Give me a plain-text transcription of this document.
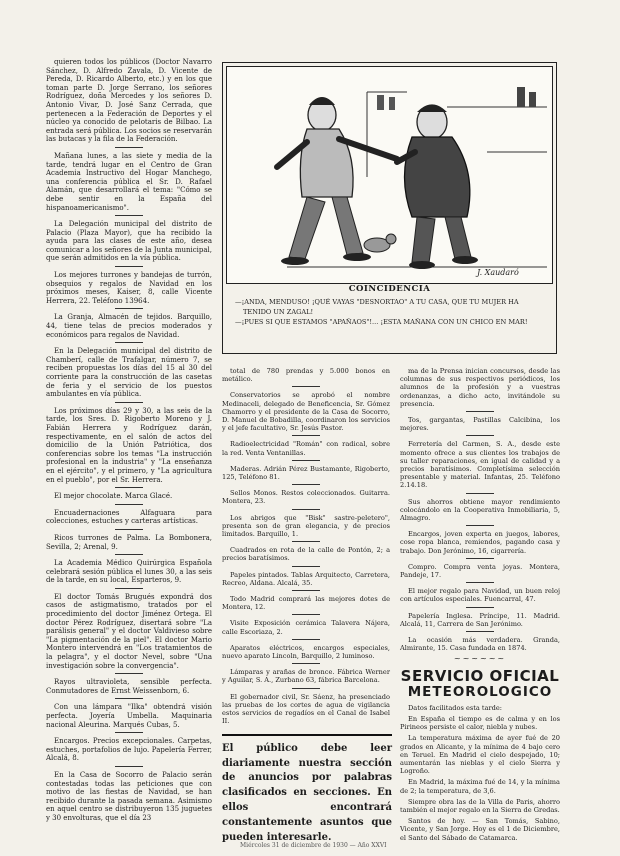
quieren todos los públicos (Doctor Navarro Sánchez, D. Alfredo Zavala, D. Vicente de Pereda, D. Ricardo Alberto, etc.) y en los que toman parte D. Jorge Serrano, los señores Rodríguez, doña Mercedes y los señores D. Antonio Vivar, D. José Sanz Cerrada, que pertenecen a la Federación de Deportes y el núcleo ya conocido de pelotaris de Bilbao. La entrada será pública. Los socios se reservarán las butacas y la fila de la Federación.

Mañana lunes, a las siete y media de la tarde, tendrá lugar en el Centro de Gran Academia Instructivo del Hogar Manchego, una conferencia pública el Sr. D. Rafael Alamán, que desarrollará el tema: "Cómo se debe sentir en la España del hispanoamericanismo".

La Delegación municipal del distrito de Palacio (Plaza Mayor), que ha recibido la ayuda para las clases de este año, desea comunicar a los señores de la Junta municipal, que serán admitidos en la vía pública.

Los mejores turrones y bandejas de turrón, obsequios y regalos de Navidad en los próximos meses, Kaiser, 8, calle Vicente Herrera, 22. Teléfono 13964.

La Granja, Almacén de tejidos. Barquillo, 44, tiene telas de precios moderados y económicos para regalos de Navidad.

En la Delegación municipal del distrito de Chamberí, calle de Trafalgar, número 7, se reciben propuestas los días del 15 al 30 del corriente para la construcción de las casetas de feria y el servicio de los puestos ambulantes en vía pública.

Los próximos días 29 y 30, a las seis de la tarde, los Sres. D. Rigoberto Moreno y J. Fabián Herrera y Rodríguez darán, respectivamente, en el salón de actos del domicilio de la Unión Patriótica, dos conferencias sobre los temas "La instrucción profesional en la industria" y "La enseñanza en el ejército", y el primero, y "La agricultura en el pueblo", por el Sr. Herrera.

El mejor chocolate. Marca Glacé.

Encuadernaciones Alfaguara para colecciones, estuches y carteras artísticas.

Ricos turrones de Palma. La Bombonera, Sevilla, 2; Arenal, 9.

La Academia Médico Quirúrgica Española celebrará sesión pública el lunes 30, a las seis de la tarde, en su local, Esparteros, 9.

El doctor Tomás Brugués expondrá dos casos de astigmatismo, tratados por el procedimiento del doctor Jiménez Ortega. El doctor Pérez Rodríguez, disertará sobre "La parálisis general" y el doctor Valdivieso sobre "La pigmentación de la piel". El doctor Mario Montero intervendrá en "Los tratamientos de la pelagra", y el doctor Nevel, sobre "Una investigación sobre la convergencia".

Rayos ultravioleta, sensible perfecta. Conmutadores de Ernst Weissenborn, 6.

Con una lámpara "Ilka" obtendrá visión perfecta. Joyería Umbella. Maquinaria nacional Aleurina. Marqués Cubas, 5.

Encargos. Precios excepcionales. Carpetas, estuches, portafolios de lujo. Papelería Ferrer, Alcalá, 8.

En la Casa de Socorro de Palacio serán contestadas todas las peticiones que con motivo de las fiestas de Navidad, se han recibido durante la pasada semana. Asimismo en aquel centro se distribuyeron 135 juguetes y 30 envolturas, que el día 23

J. Xaudaró
COINCIDENCIA

—¡ANDA, MENDUSO! ¡QUÉ VAYAS "DESNORTAO" A TU CASA, QUE TU MUJER HA TENIDO UN ZAGAL!

—¡PUES SI QUE ESTAMOS "APAÑAOS"!... ¡ESTA MAÑANA CON UN CHICO EN MAR!

total de 780 prendas y 5.000 bonos en metálico.

Conservatorios se aprobó el nombre Medinaceli, delegado de Beneficencia, Sr. Gómez Chamorro y el presidente de la Casa de Socorro, D. Manuel de Bobadilla, coordinaron los servicios y el jefe facultativo, Sr. Jesús Pastor.

Radioelectricidad "Román" con radical, sobre la red. Venta Ventanillas.

Maderas. Adrián Pérez Bustamante, Rigoberto, 125, Teléfono 81.

Sellos Monos. Restos coleccionados. Guitarra. Montera, 23.

Los abrigos que "Bisk" sastre-peletero", presenta son de gran elegancia, y de precios limitados. Barquillo, 1.

Cuadrados en rota de la calle de Pontón, 2; a precios baratísimos.

Papeles pintados. Tablas Arquitecto, Carretera, Recreo, Aldana. Alcalá, 35.

Todo Madrid comprará las mejores dotes de Montera, 12.

Visite Exposición cerámica Talavera Nájera, calle Escoriaza, 2.

Aparatos eléctricos, encargos especiales, nuevo aparato Lincoln, Barquillo, 2 luminoso.

Lámparas y arañas de bronce. Fábrica Werner y Aguilar, S. A., Zurbano 63, fábrica Barcelona.

El gobernador civil, Sr. Sáenz, ha presenciado las pruebas de los cortes de agua de vigilancia estos servicios de regadíos en el Canal de Isabel II.

El público debe leer diariamente nuestra sección de anuncios por palabras clasificados en secciones. En ellos encontrará constantemente asuntos que pueden interesarle.

ma de la Prensa inician concursos, desde las columnas de sus respectivos periódicos, los alumnos de la profesión y a vuestras ordenanzas, a dicho acto, invitándole su presencia.

Tos, gargantas, Pastillas Calcibina, los mejores.

Ferretería del Carmen, S. A., desde este momento ofrece a sus clientes los trabajos de su taller reparaciones, en igual de calidad y a precios baratísimos. Completísima selección presentable y material. Infantas, 25. Teléfono 2.14.18.

Sus ahorros obtiene mayor rendimiento colocándolo en la Cooperativa Inmobiliaria, 5, Almagro.

Encargos, joven experta en juegos, labores, cose ropa blanca, remiendos, pagando casa y trabajo. Don Jerónimo, 16, cigarrería.

Compro. Compra venta joyas. Montera, Pandeje, 17.

El mejor regalo para Navidad, un buen reloj con artículos especiales. Fuencarral, 47.

Papelería Inglesa. Príncipe, 11. Madrid. Alcalá, 11, Carrera de San Jerónimo.

La ocasión más verdadera. Granda, Almirante, 15. Casa fundada en 1874.

~~~~~~
SERVICIO OFICIAL
METEOROLOGICO

Datos facilitados esta tarde:

En España el tiempo es de calma y en los Pirineos persiste el calor, niebla y nubes.

La temperatura máxima de ayer fué de 20 grados en Alicante, y la mínima de 4 bajo cero en Teruel. En Madrid el cielo despejado, 10; aumentarán las nieblas y el cielo Sierra y Logroño.

En Madrid, la máxima fué de 14, y la mínima de 2; la temperatura, de 3,6.

Siempre obra las de la Villa de Paris, ahorro también el mejor regalo en la Sierra de Gredas.

Santos de hoy. — San Tomás, Sabino, Vicente, y San Jorge. Hoy es el 1 de Diciembre, el Santo del Sábado de Catamarca.

Miércoles 31 de diciembre de 1930 — Año XXVI
